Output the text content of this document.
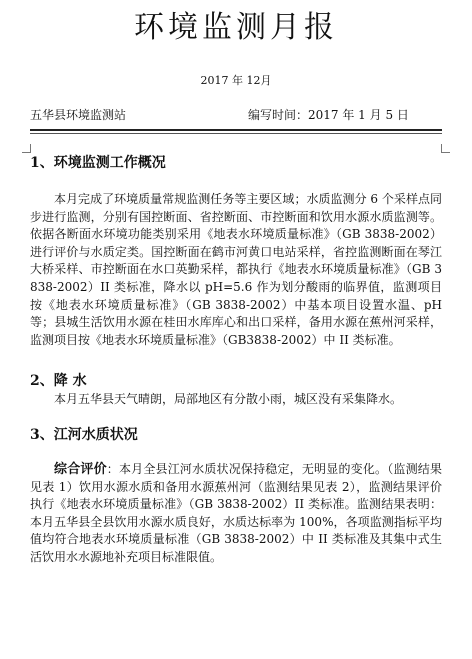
环境监测月报
2017 年 12月
五华县环境监测站	编写时间：2017 年 1 月 5 日
1、环境监测工作概况

本月完成了环境质量常规监测任务等主要区域；水质监测分 6 个采样点同步进行监测，分别有国控断面、省控断面、市控断面和饮用水源水质监测等。依据各断面水环境功能类别采用《地表水环境质量标准》（GB 3838-2002）进行评价与水质定类。国控断面在鹤市河黄口电站采样，省控监测断面在琴江大桥采样、市控断面在水口英勤采样，都执行《地表水环境质量标准》（GB 3838-2002）II 类标准，降水以 pH=5.6 作为划分酸雨的临界值，监测项目按《地表水环境质量标准》（GB 3838-2002）中基本项目设置水温、pH 等；县城生活饮用水源在桂田水库库心和出口采样，备用水源在蕉州河采样，监测项目按《地表水环境质量标准》（GB3838-2002）中 II 类标准。

2、降 水

本月五华县天气晴朗，局部地区有分散小雨，城区没有采集降水。

3、江河水质状况

综合评价：本月全县江河水质状况保持稳定，无明显的变化。（监测结果见表 1）饮用水源水质和备用水源蕉州河（监测结果见表 2），监测结果评价执行《地表水环境质量标准》（GB 3838-2002）II 类标准。监测结果表明：本月五华县全县饮用水源水质良好，水质达标率为 100%，各项监测指标平均值均符合地表水环境质量标准（GB 3838-2002）中 II 类标准及其集中式生活饮用水水源地补充项目标准限值。
